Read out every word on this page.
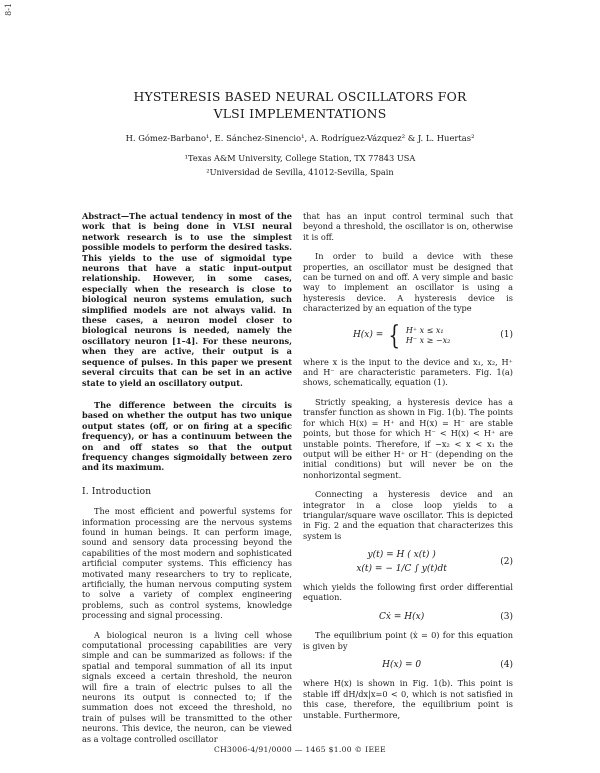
8-1
HYSTERESIS BASED NEURAL OSCILLATORS FOR
VLSI IMPLEMENTATIONS
H. Gómez-Barbano¹, E. Sánchez-Sinencio¹, A. Rodríguez-Vázquez² & J. L. Huertas²
¹Texas A&M University, College Station, TX 77843 USA
²Universidad de Sevilla, 41012-Sevilla, Spain

Abstract—The actual tendency in most of the work that is being done in VLSI neural network research is to use the simplest possible models to perform the desired tasks. This yields to the use of sigmoidal type neurons that have a static input-output relationship. However, in some cases, especially when the research is close to biological neuron systems emulation, such simplified models are not always valid. In these cases, a neuron model closer to biological neurons is needed, namely the oscillatory neuron [1–4]. For these neurons, when they are active, their output is a sequence of pulses. In this paper we present several circuits that can be set in an active state to yield an oscillatory output.

The difference between the circuits is based on whether the output has two unique output states (off, or on firing at a specific frequency), or has a continuum between the on and off states so that the output frequency changes sigmoidally between zero and its maximum.

I. Introduction

The most efficient and powerful systems for information processing are the nervous systems found in human beings. It can perform image, sound and sensory data processing beyond the capabilities of the most modern and sophisticated artificial computer systems. This efficiency has motivated many researchers to try to replicate, artificially, the human nervous computing system to solve a variety of complex engineering problems, such as control systems, knowledge processing and signal processing.

A biological neuron is a living cell whose computational processing capabilities are very simple and can be summarized as follows: if the spatial and temporal summation of all its input signals exceed a certain threshold, the neuron will fire a train of electric pulses to all the neurons its output is connected to; if the summation does not exceed the threshold, no train of pulses will be transmitted to the other neurons. This device, the neuron, can be viewed as a voltage controlled oscillator

that has an input control terminal such that beyond a threshold, the oscillator is on, otherwise it is off.

In order to build a device with these properties, an oscillator must be designed that can be turned on and off. A very simple and basic way to implement an oscillator is using a hysteresis device. A hysteresis device is characterized by an equation of the type

H(x) = { H⁺ x ≤ x₁
H⁻ x ≥ −x₂	(1)

where x is the input to the device and x₁, x₂, H⁺ and H⁻ are characteristic parameters. Fig. 1(a) shows, schematically, equation (1).

Strictly speaking, a hysteresis device has a transfer function as shown in Fig. 1(b). The points for which H(x) = H⁺ and H(x) = H⁻ are stable points, but those for which H⁻ < H(x) < H⁺ are unstable points. Therefore, if −x₂ < x < x₁ the output will be either H⁺ or H⁻ (depending on the initial conditions) but will never be on the nonhorizontal segment.

Connecting a hysteresis device and an integrator in a close loop yields to a triangular/square wave oscillator. This is depicted in Fig. 2 and the equation that characterizes this system is

y(t) = H ( x(t) )
x(t) = − 1/C ∫ y(t)dt
(2)

which yields the following first order differential equation.

Cẋ = H(x)	(3)

The equilibrium point (ẋ = 0) for this equation is given by

H(x) = 0	(4)

where H(x) is shown in Fig. 1(b). This point is stable iff dH/dx|x=0 < 0, which is not satisfied in this case, therefore, the equilibrium point is unstable. Furthermore,

CH3006-4/91/0000 — 1465 $1.00 © IEEE
